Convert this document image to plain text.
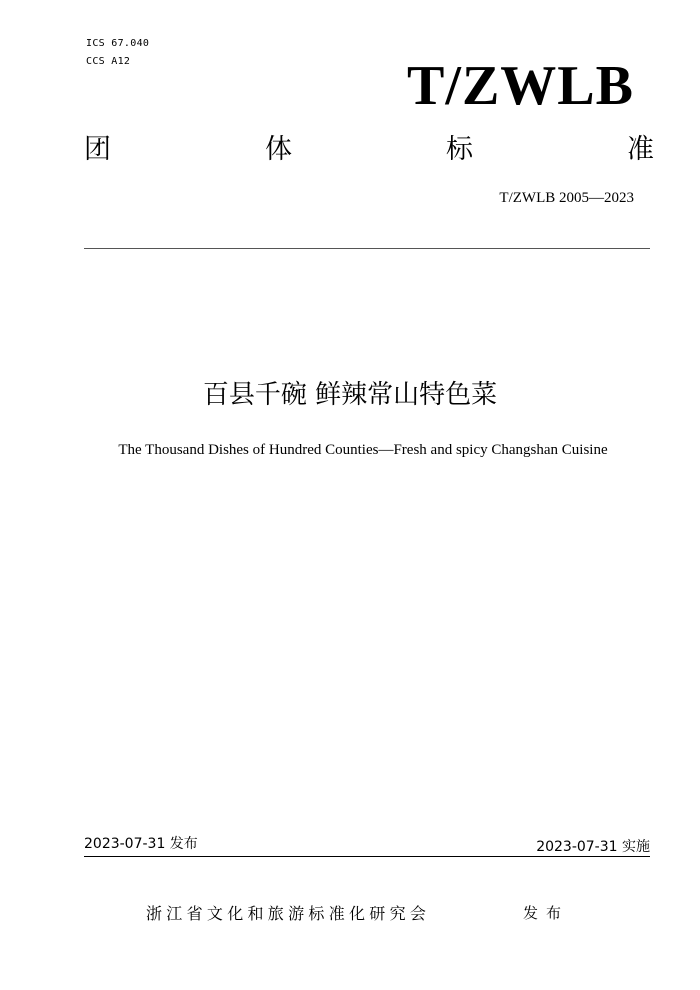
ICS 67.040
CCS A12	T/ZWLB
团	体	标	准
T/ZWLB 2005—2023
百县千碗 鲜辣常山特色菜
The Thousand Dishes of Hundred Counties—Fresh and spicy Changshan Cuisine
2023-07-31 发布	2023-07-31 实施
浙江省文化和旅游标准化研究会	发布
